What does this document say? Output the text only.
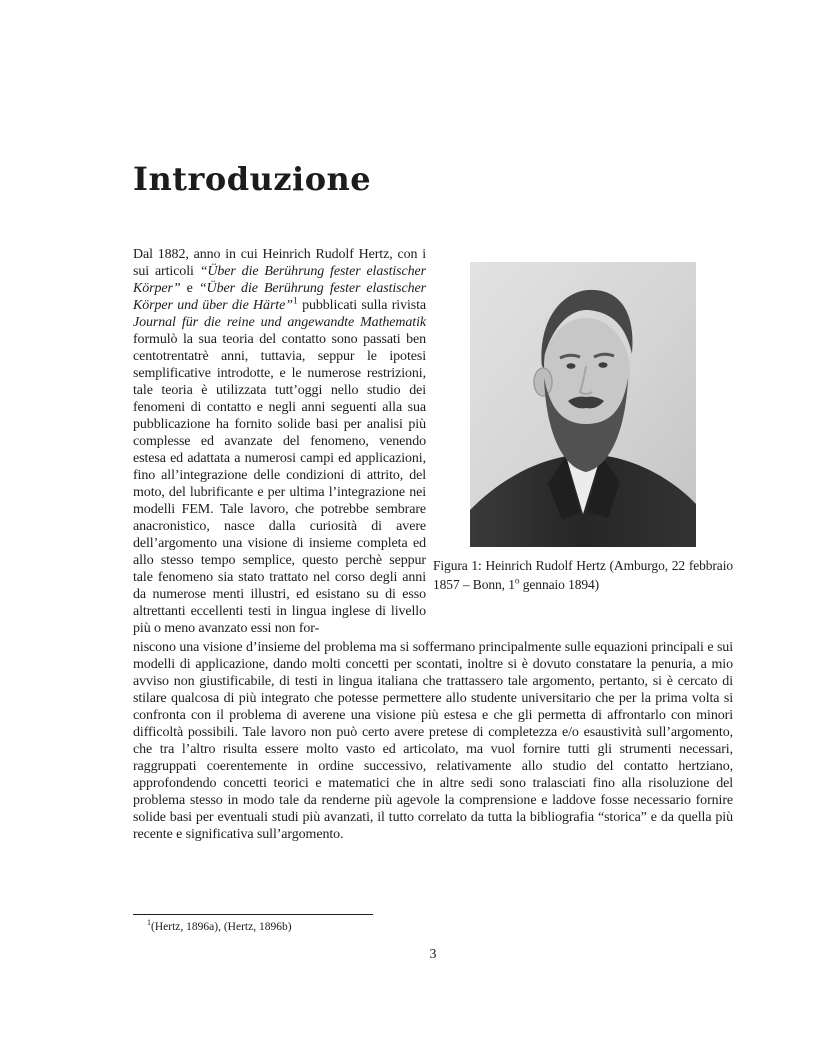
Introduzione

Dal 1882, anno in cui Heinrich Rudolf Hertz, con i sui articoli “Über die Berührung fester elastischer Körper” e “Über die Berührung fester elastischer Körper und über die Härte”$^1$ pubblicati sulla rivista Journal für die reine und angewandte Mathematik formulò la sua teoria del contatto sono passati ben centotrentatrè anni, tuttavia, seppur le ipotesi semplificative introdotte, e le numerose restrizioni, tale teoria è utilizzata tutt’oggi nello studio dei fenomeni di contatto e negli anni seguenti alla sua pubblicazione ha fornito solide basi per analisi più complesse ed avanzate del fenomeno, venendo estesa ed adattata a numerosi campi ed applicazioni, fino all’integrazione delle condizioni di attrito, del moto, del lubrificante e per ultima l’integrazione nei modelli FEM. Tale lavoro, che potrebbe sembrare anacronistico, nasce dalla curiosità di avere dell’argomento una visione di insieme completa ed allo stesso tempo semplice, questo perchè seppur tale fenomeno sia stato trattato nel corso degli anni da numerose menti illustri, ed esistano su di esso altrettanti eccellenti testi in lingua inglese di livello più o meno avanzato essi non for-

Figura 1: Heinrich Rudolf Hertz (Amburgo, 22 febbraio 1857 – Bonn, 1$^o$ gennaio 1894)

niscono una visione d’insieme del problema ma si soffermano principalmente sulle equazioni principali e sui modelli di applicazione, dando molti concetti per scontati, inoltre si è dovuto constatare la penuria, a mio avviso non giustificabile, di testi in lingua italiana che trattassero tale argomento, pertanto, si è cercato di stilare qualcosa di più integrato che potesse permettere allo studente universitario che per la prima volta si confronta con il problema di averene una visione più estesa e che gli permetta di affrontarlo con minori difficoltà possibili. Tale lavoro non può certo avere pretese di completezza e/o esaustività sull’argomento, che tra l’altro risulta essere molto vasto ed articolato, ma vuol fornire tutti gli strumenti necessari, raggruppati coerentemente in ordine successivo, relativamente allo studio del contatto hertziano, approfondendo concetti teorici e matematici che in altre sedi sono tralasciati fino alla risoluzione del problema stesso in modo tale da renderne più agevole la comprensione e laddove fosse necessario fornire solide basi per eventuali studi più avanzati, il tutto correlato da tutta la bibliografia “storica” e da quella più recente e significativa sull’argomento.

$^1$(Hertz, 1896a), (Hertz, 1896b)
3
